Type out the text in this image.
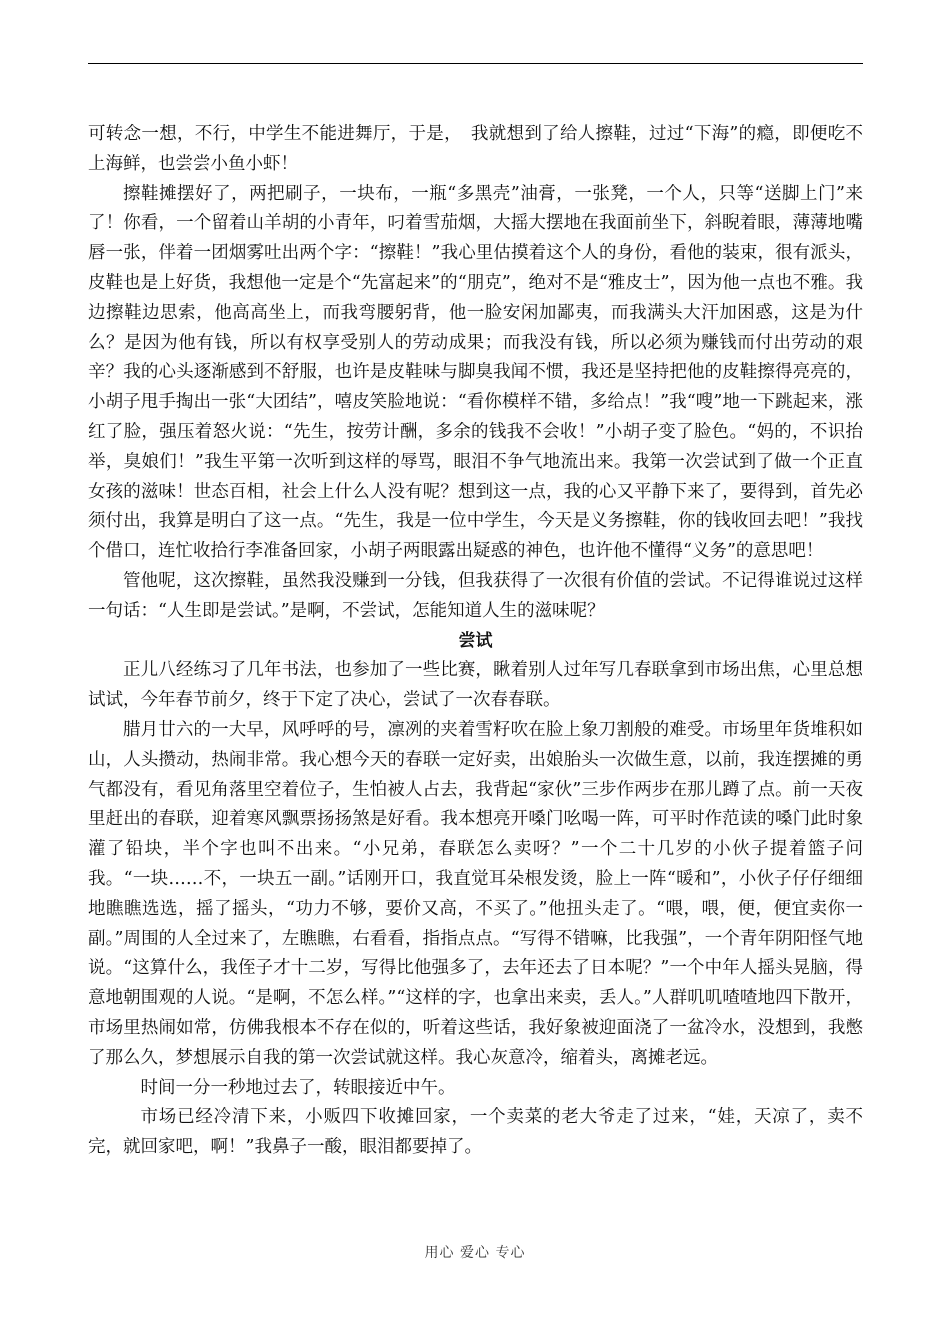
可转念一想，不行，中学生不能进舞厅，于是，　我就想到了给人擦鞋，过过“下海”的瘾，即便吃不上海鲜，也尝尝小鱼小虾！

擦鞋摊摆好了，两把刷子，一块布，一瓶“多黑壳”油膏，一张凳，一个人，只等“送脚上门”来了！你看，一个留着山羊胡的小青年，叼着雪茄烟，大摇大摆地在我面前坐下，斜睨着眼，薄薄地嘴唇一张，伴着一团烟雾吐出两个字：“擦鞋！”我心里估摸着这个人的身份，看他的装束，很有派头，皮鞋也是上好货，我想他一定是个“先富起来”的“朋克”，绝对不是“雅皮士”，因为他一点也不雅。我边擦鞋边思索，他高高坐上，而我弯腰躬背，他一脸安闲加鄙夷，而我满头大汗加困惑，这是为什么？是因为他有钱，所以有权享受别人的劳动成果；而我没有钱，所以必须为赚钱而付出劳动的艰辛？我的心头逐渐感到不舒服，也许是皮鞋味与脚臭我闻不惯，我还是坚持把他的皮鞋擦得亮亮的，小胡子甩手掏出一张“大团结”，嘻皮笑脸地说：“看你模样不错，多给点！”我“嗖”地一下跳起来，涨红了脸，强压着怒火说：“先生，按劳计酬，多余的钱我不会收！”小胡子变了脸色。“妈的，不识抬举，臭娘们！”我生平第一次听到这样的辱骂，眼泪不争气地流出来。我第一次尝试到了做一个正直女孩的滋味！世态百相，社会上什么人没有呢？想到这一点，我的心又平静下来了，要得到，首先必须付出，我算是明白了这一点。“先生，我是一位中学生，今天是义务擦鞋，你的钱收回去吧！”我找个借口，连忙收拾行李准备回家，小胡子两眼露出疑惑的神色，也许他不懂得“义务”的意思吧！

管他呢，这次擦鞋，虽然我没赚到一分钱，但我获得了一次很有价值的尝试。不记得谁说过这样一句话：“人生即是尝试。”是啊，不尝试，怎能知道人生的滋味呢？

尝试

正儿八经练习了几年书法，也参加了一些比赛，瞅着别人过年写几春联拿到市场出焦，心里总想试试，今年春节前夕，终于下定了决心，尝试了一次春春联。

腊月廿六的一大早，风呼呼的号，凛冽的夹着雪籽吹在脸上象刀割般的难受。市场里年货堆积如山，人头攒动，热闹非常。我心想今天的春联一定好卖，出娘胎头一次做生意，以前，我连摆摊的勇气都没有，看见角落里空着位子，生怕被人占去，我背起“家伙”三步作两步在那儿蹲了点。前一天夜里赶出的春联，迎着寒风飘票扬扬煞是好看。我本想亮开嗓门吆喝一阵，可平时作范读的嗓门此时象灌了铅块，半个字也叫不出来。“小兄弟，春联怎么卖呀？”一个二十几岁的小伙子提着篮子问我。“一块……不，一块五一副。”话刚开口，我直觉耳朵根发烫，脸上一阵“暖和”，小伙子仔仔细细地瞧瞧选选，摇了摇头，“功力不够，要价又高，不买了。”他扭头走了。“喂，喂，便，便宜卖你一副。”周围的人全过来了，左瞧瞧，右看看，指指点点。“写得不错嘛，比我强”，一个青年阴阳怪气地说。“这算什么，我侄子才十二岁，写得比他强多了，去年还去了日本呢？”一个中年人摇头晃脑，得意地朝围观的人说。“是啊，不怎么样。”“这样的字，也拿出来卖，丢人。”人群叽叽喳喳地四下散开，市场里热闹如常，仿佛我根本不存在似的，听着这些话，我好象被迎面浇了一盆冷水，没想到，我憋了那么久，梦想展示自我的第一次尝试就这样。我心灰意冷，缩着头，离摊老远。

时间一分一秒地过去了，转眼接近中午。

市场已经冷清下来，小贩四下收摊回家，一个卖菜的老大爷走了过来，“娃，天凉了，卖不完，就回家吧，啊！”我鼻子一酸，眼泪都要掉了。

用心 爱心 专心
